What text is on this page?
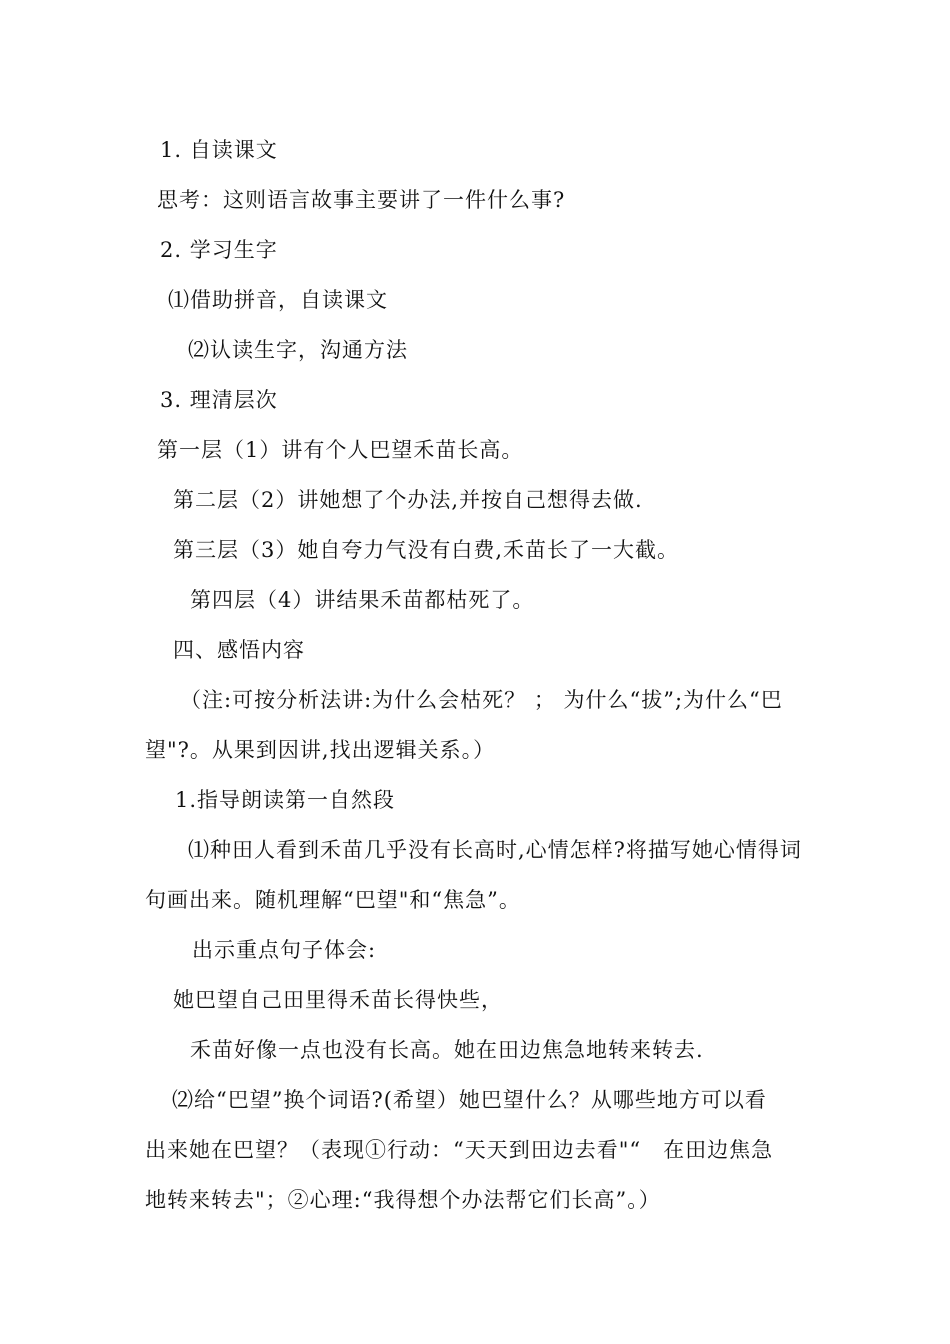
1. 自读课文
思考：这则语言故事主要讲了一件什么事?
2. 学习生字
⑴借助拼音，自读课文
⑵认读生字，沟通方法
3. 理清层次
第一层（1）讲有个人巴望禾苗长高。
第二层（2）讲她想了个办法,并按自己想得去做.
第三层（3）她自夸力气没有白费,禾苗长了一大截。
第四层（4）讲结果禾苗都枯死了。
四、感悟内容
（注:可按分析法讲:为什么会枯死？ ； 为什么“拔”;为什么“巴
望"?。从果到因讲,找出逻辑关系。）
1.指导朗读第一自然段
⑴种田人看到禾苗几乎没有长高时,心情怎样?将描写她心情得词
句画出来。随机理解“巴望"和“焦急”。
出示重点句子体会:
她巴望自己田里得禾苗长得快些，
禾苗好像一点也没有长高。她在田边焦急地转来转去.
⑵给“巴望”换个词语?(希望）她巴望什么？从哪些地方可以看
出来她在巴望？（表现①行动：“天天到田边去看"“　在田边焦急
地转来转去"；②心理:“我得想个办法帮它们长高”。）
